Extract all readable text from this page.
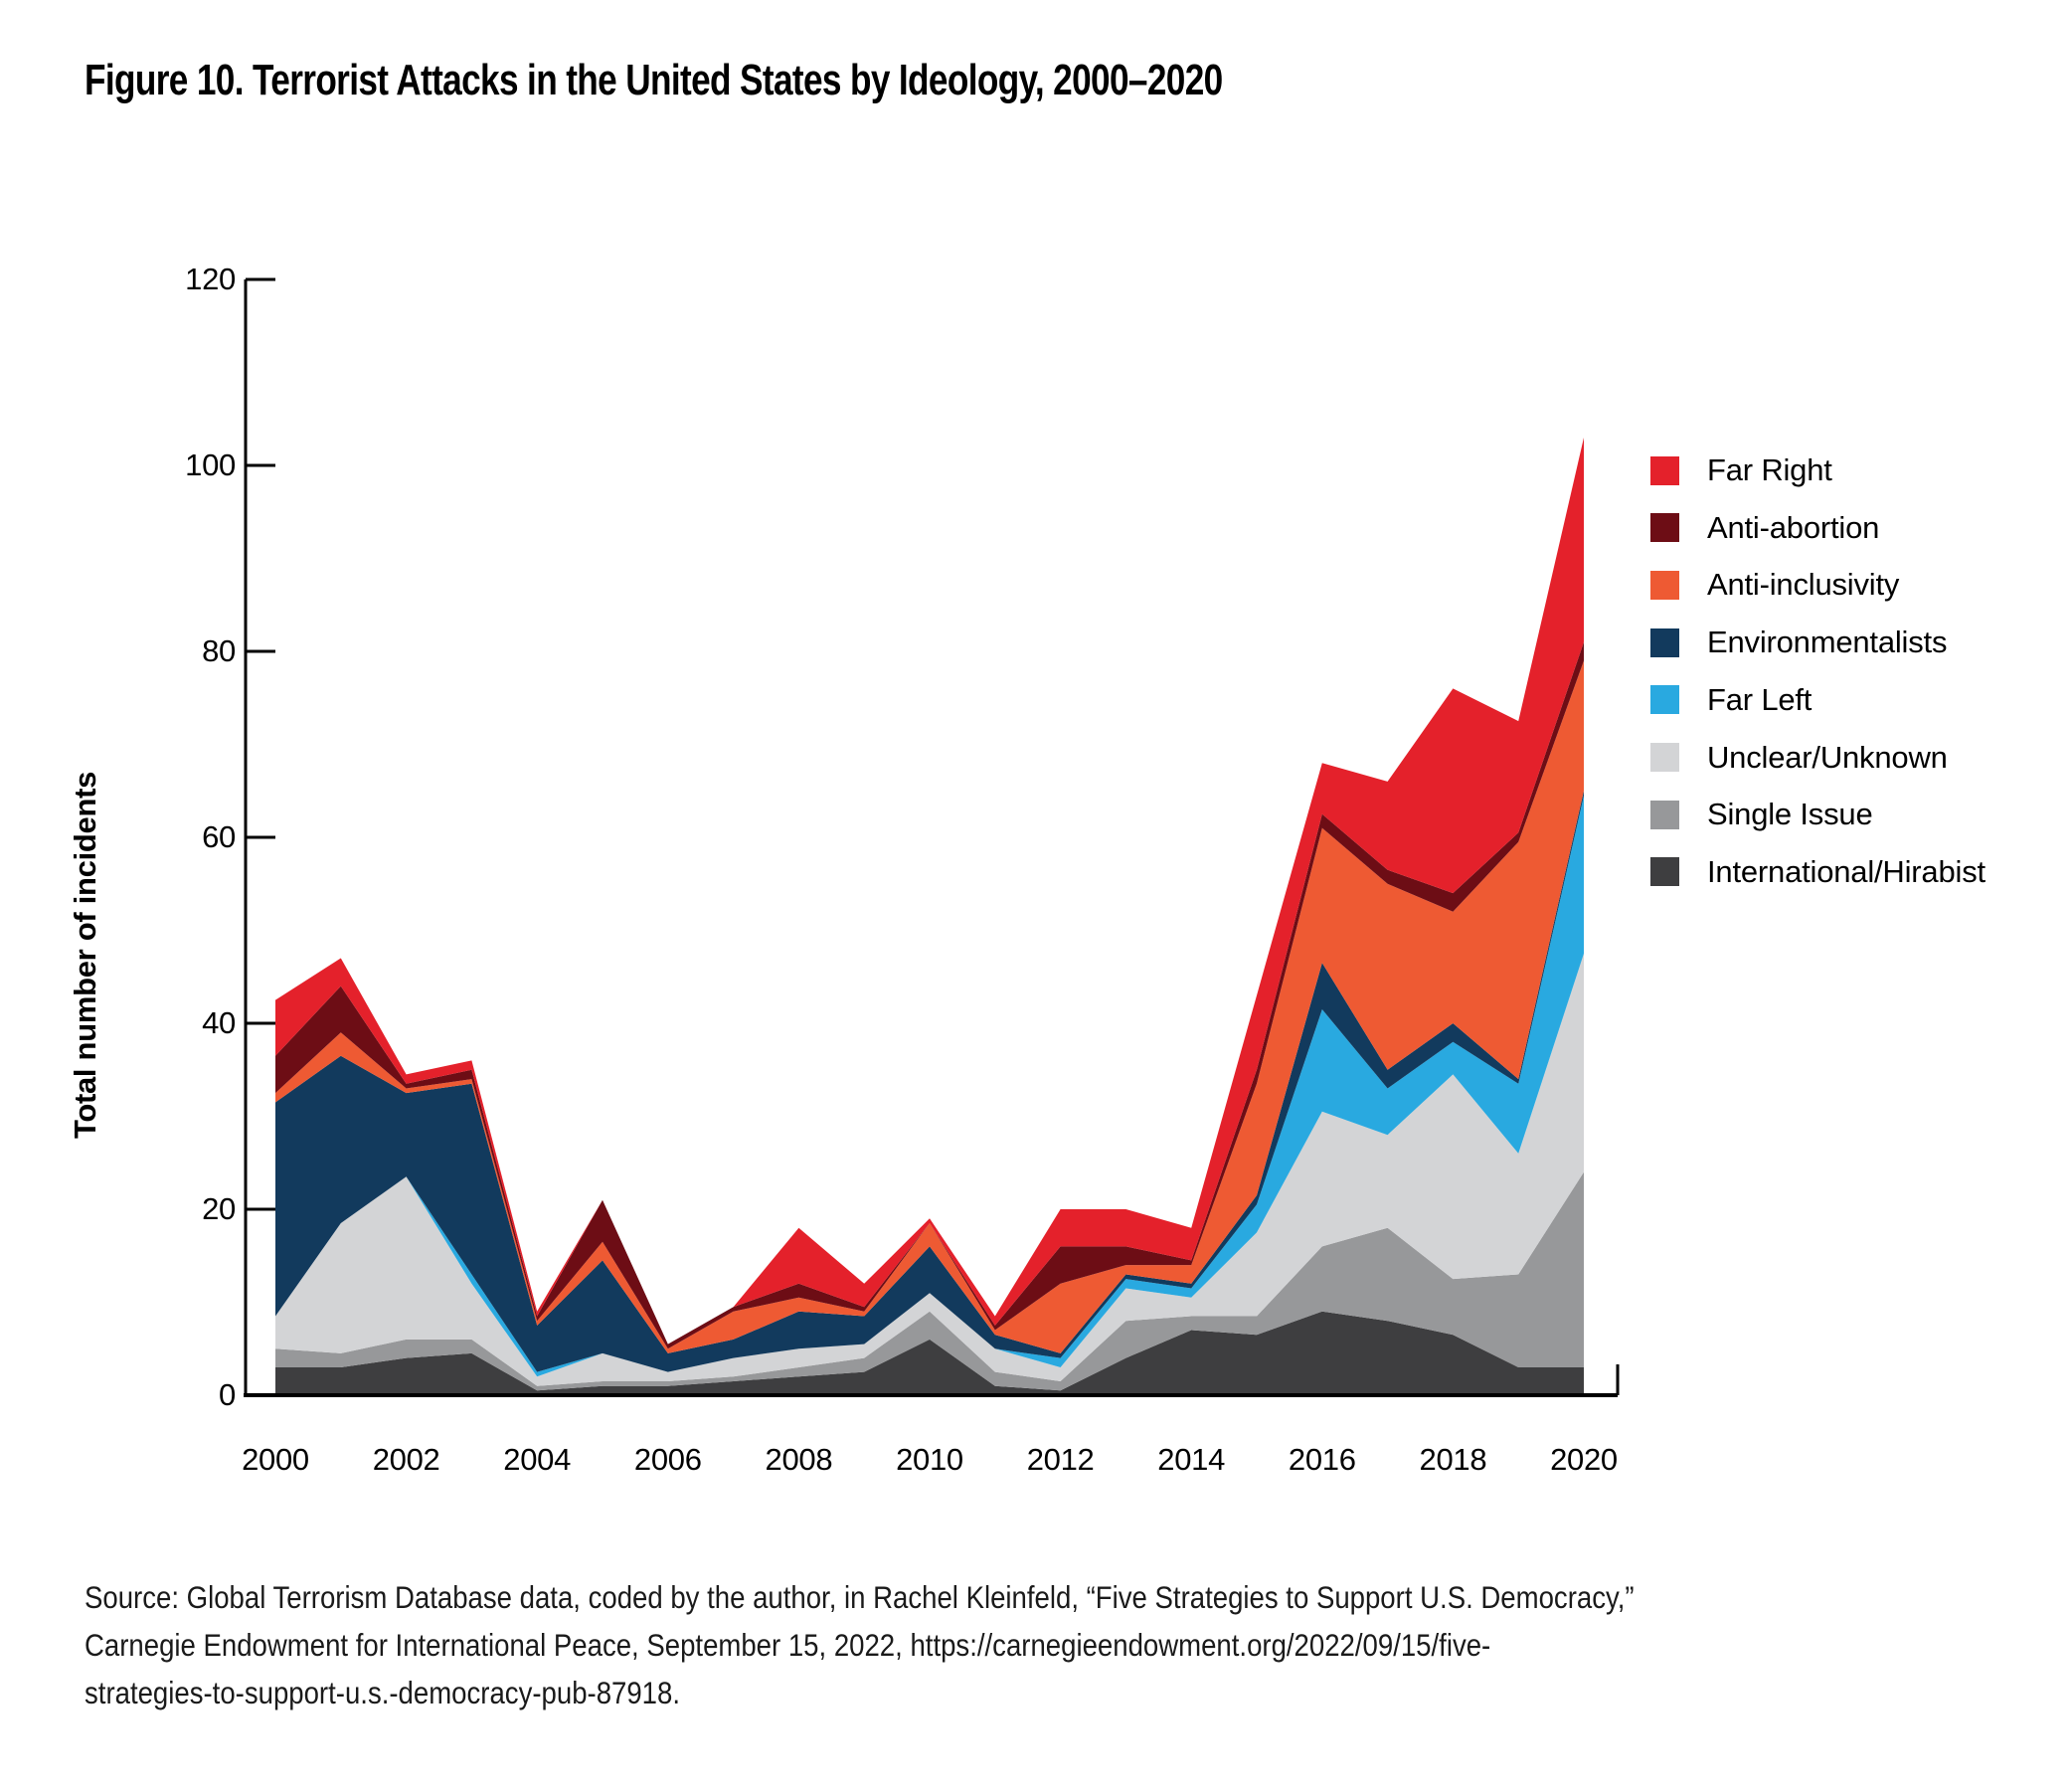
Figure 10. Terrorist Attacks in the United States by Ideology, 2000–2020
Total number of incidents
0
20
40
60
80
100
120
2000	2002	2004	2006	2008	2010	2012	2014	2016	2018	2020
Far Right
Anti-abortion
Anti-inclusivity
Environmentalists
Far Left
Unclear/Unknown
Single Issue
International/Hirabist
Source: Global Terrorism Database data, coded by the author, in Rachel Kleinfeld, “Five Strategies to Support U.S. Democracy,”
Carnegie Endowment for International Peace, September 15, 2022, https://carnegieendowment.org/2022/09/15/five-
strategies-to-support-u.s.-democracy-pub-87918.
